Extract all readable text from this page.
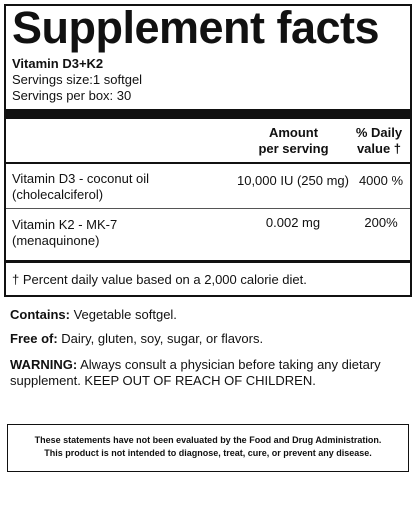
Supplement facts
Vitamin D3+K2
Servings size:1 softgel
Servings per box: 30
Amount
per serving
% Daily
value †
Vitamin D3 - coconut oil
(cholecalciferol)
10,000 IU (250 mg) 4000 %
Vitamin K2 - MK-7
(menaquinone)
0.002 mg	200%
† Percent daily value based on a 2,000 calorie diet.
Contains: Vegetable softgel.
Free of: Dairy, gluten, soy, sugar, or flavors.
WARNING: Always consult a physician before taking any dietary supplement. KEEP OUT OF REACH OF CHILDREN.
These statements have not been evaluated by the Food and Drug Administration.
This product is not intended to diagnose, treat, cure, or prevent any disease.
